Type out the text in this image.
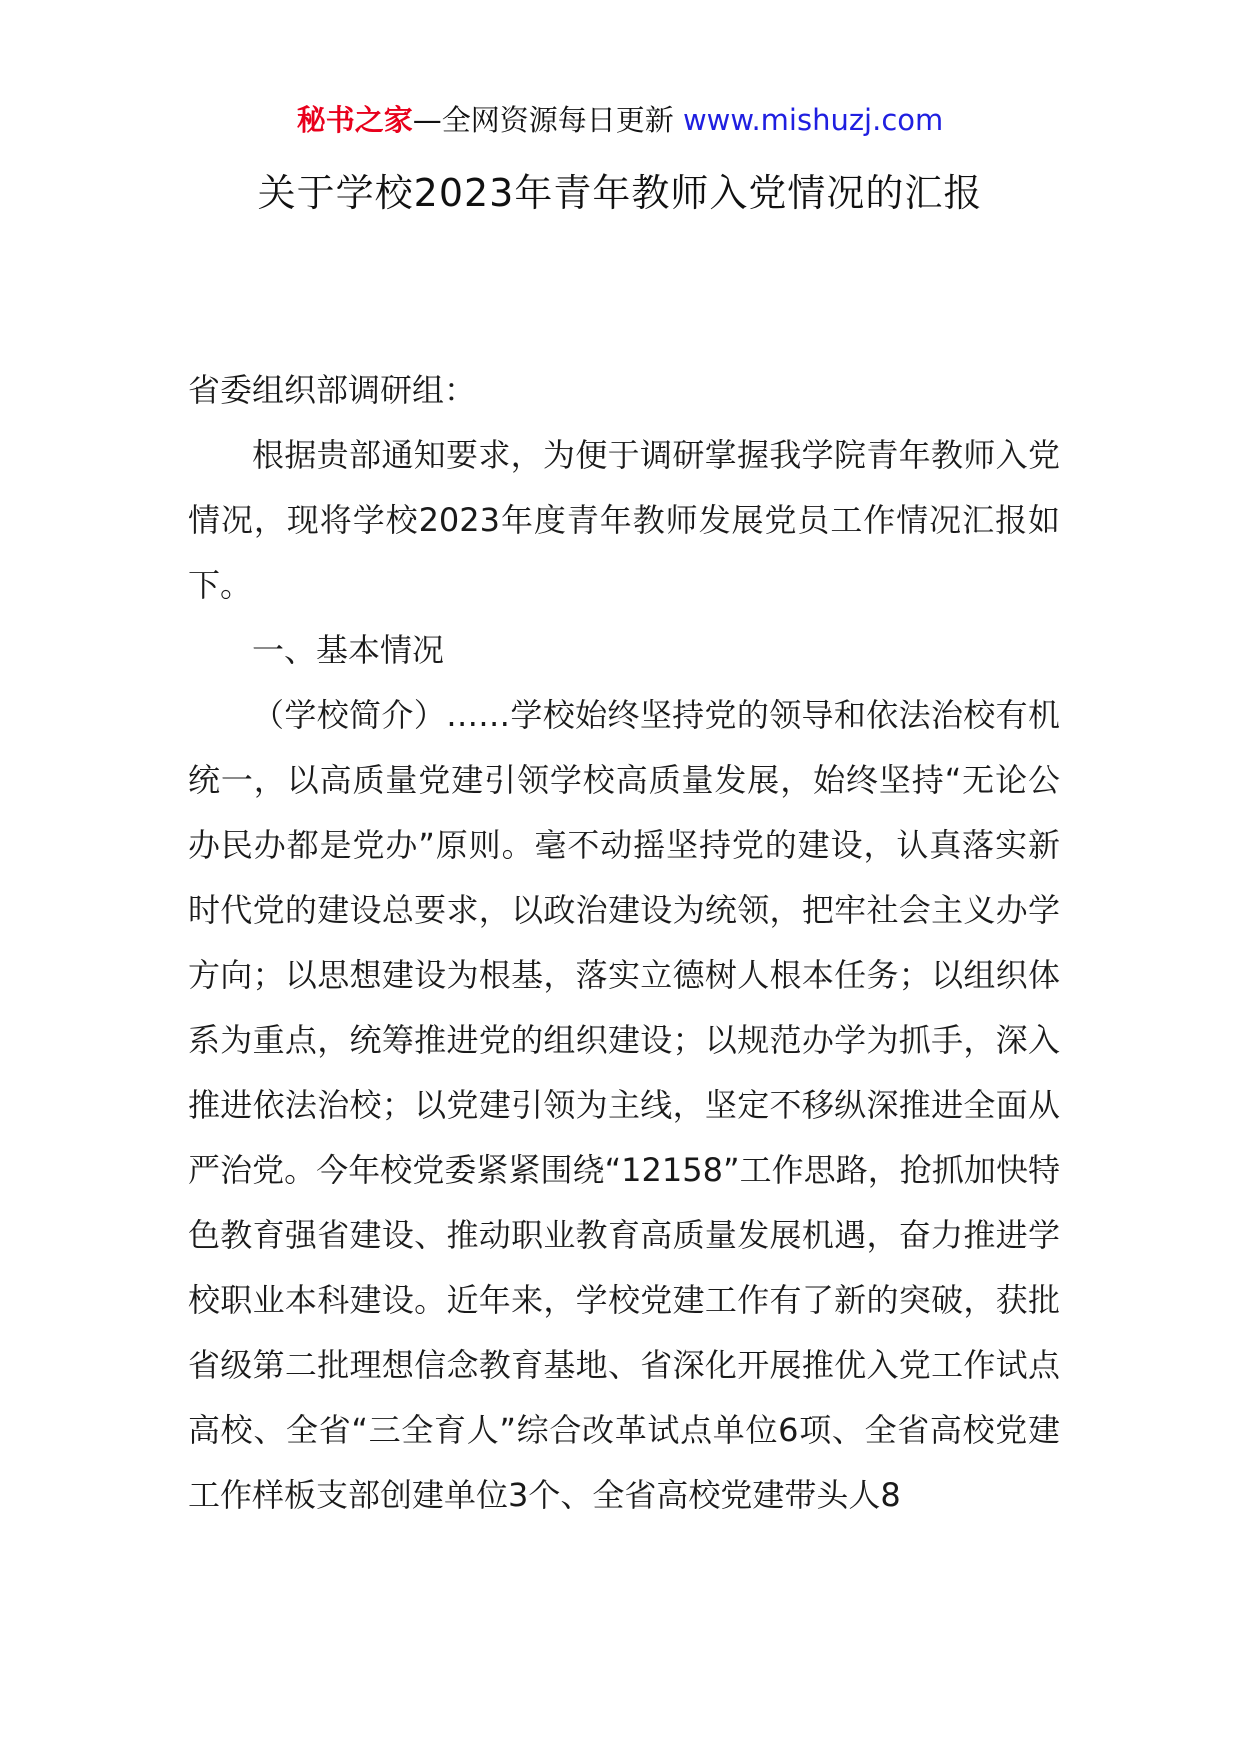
秘书之家—全网资源每日更新 www.mishuzj.com
关于学校2023年青年教师入党情况的汇报

省委组织部调研组：

根据贵部通知要求，为便于调研掌握我学院青年教师入党情况，现将学校2023年度青年教师发展党员工作情况汇报如下。

一、基本情况

（学校简介）……学校始终坚持党的领导和依法治校有机统一，以高质量党建引领学校高质量发展，始终坚持“无论公办民办都是党办”原则。毫不动摇坚持党的建设，认真落实新时代党的建设总要求，以政治建设为统领，把牢社会主义办学方向；以思想建设为根基，落实立德树人根本任务；以组织体系为重点，统筹推进党的组织建设；以规范办学为抓手，深入推进依法治校；以党建引领为主线，坚定不移纵深推进全面从严治党。今年校党委紧紧围绕“12158”工作思路，抢抓加快特色教育强省建设、推动职业教育高质量发展机遇，奋力推进学校职业本科建设。近年来，学校党建工作有了新的突破，获批省级第二批理想信念教育基地、省深化开展推优入党工作试点高校、全省“三全育人”综合改革试点单位6项、全省高校党建工作样板支部创建单位3个、全省高校党建带头人8
